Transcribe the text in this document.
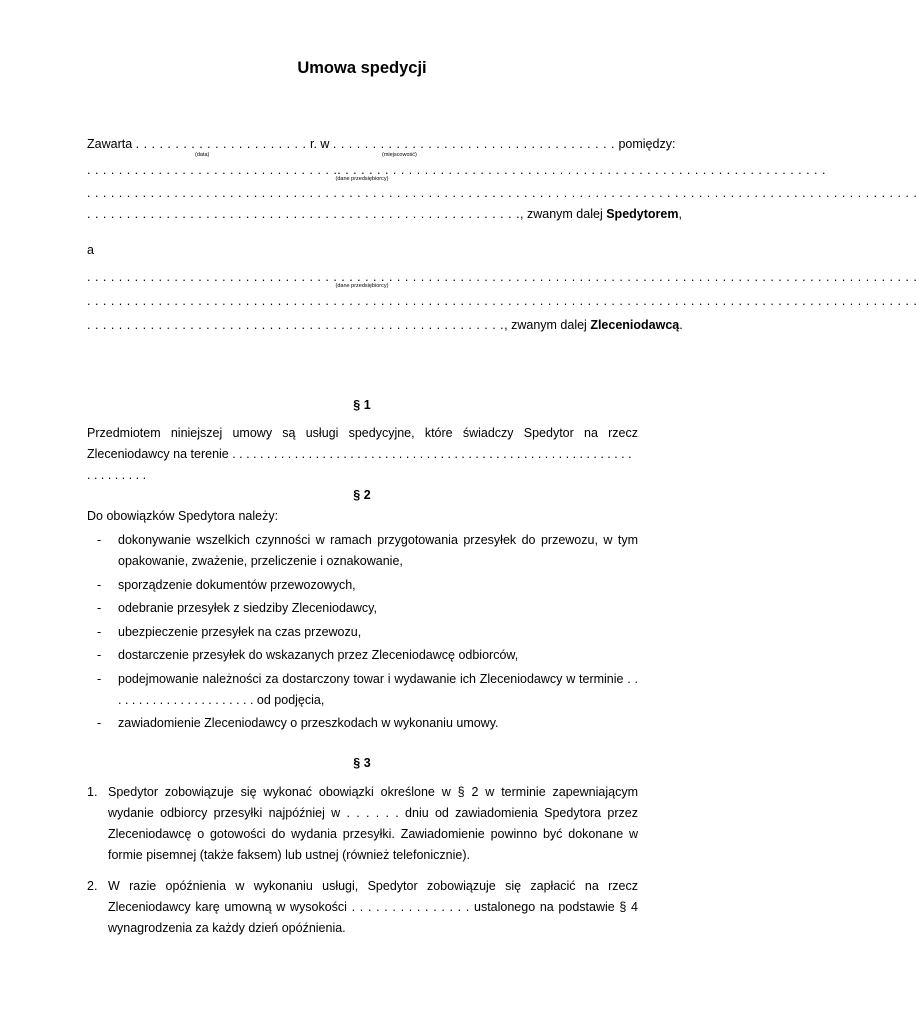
Umowa spedycji
Zawarta . . . . . . . . . . . . . . . . . . . . . . r. w . . . . . . . . . . . . . . . . . . . . . . . . . . . . . . . . . . . . pomiędzy:
(data)	(miejscowość)
. . . . . . . . . . . . . . . . . . . . . . . . . . . . . . . .. . . . . . . . . . . . . . . . . . . . . . . . . . . . . . . . . . . . . . . . . . . . . . . . . . . . . . . . . . . . . .
(dane przedsiębiorcy)
. . . . . . . . . . . . . . . . . . . . . . . . . . . . . . . . . . . . . . . . . . . . . . . . . . . . . . . . . . . . . . . . . . . . . . . . . . . . . . . . . . . . . . . . . . . . . . . . . . . . . . . . .
. . . . . . . . . . . . . . . . . . . . . . . . . . . . . . . . . . . . . . . . . . . . . . . . . . . . . . ., zwanym dalej Spedytorem,
a
. . . . . . . . . . . . . . . . . . . . . . . . . . . . . . . . . . . . . . . . . . . . . . . . . . . . . . . . . . . . . . . . . . . . . . . . . . . . . . . . . . . . . . . . . . . . . . . . . . . . . . . . .
(dane przedsiębiorcy)
. . . . . . . . . . . . . . . . . . . . . . . . . . . . . . . . . . . . . . . . . . . . . . . . . . . . . . . . . . . . . . . . . . . . . . . . . . . . . . . . . . . . . . . . . . . . . . . . . . . . . . . . .
. . . . . . . . . . . . . . . . . . . . . . . . . . . . . . . . . . . . . . . . . . . . . . . . . . . . ., zwanym dalej Zleceniodawcą.
§ 1
Przedmiotem niniejszej umowy są usługi spedycyjne, które świadczy Spedytor na rzecz
Zleceniodawcy na terenie . . . . . . . . . . . . . . . . . . . . . . . . . . . . . . . . . . . . . . . . . . . . . . . . . . . . . . . . . . . . . . . . . . .
§ 2
Do obowiązków Spedytora należy:
- dokonywanie wszelkich czynności w ramach przygotowania przesyłek do przewozu, w tym opakowanie, zważenie, przeliczenie i oznakowanie,
- sporządzenie dokumentów przewozowych,
- odebranie przesyłek z siedziby Zleceniodawcy,
- ubezpieczenie przesyłek na czas przewozu,
- dostarczenie przesyłek do wskazanych przez Zleceniodawcę odbiorców,
- podejmowanie należności za dostarczony towar i wydawanie ich Zleceniodawcy w terminie . . . . . . . . . . . . . . . . . . . . . . od podjęcia,
- zawiadomienie Zleceniodawcy o przeszkodach w wykonaniu umowy.
§ 3
1. Spedytor zobowiązuje się wykonać obowiązki określone w § 2 w terminie zapewniającym wydanie odbiorcy przesyłki najpóźniej w . . . . . . dniu od zawiadomienia Spedytora przez Zleceniodawcę o gotowości do wydania przesyłki. Zawiadomienie powinno być dokonane w formie pisemnej (także faksem) lub ustnej (również telefonicznie).
2. W razie opóźnienia w wykonaniu usługi, Spedytor zobowiązuje się zapłacić na rzecz Zleceniodawcy karę umowną w wysokości . . . . . . . . . . . . . . . ustalonego na podstawie § 4 wynagrodzenia za każdy dzień opóźnienia.
